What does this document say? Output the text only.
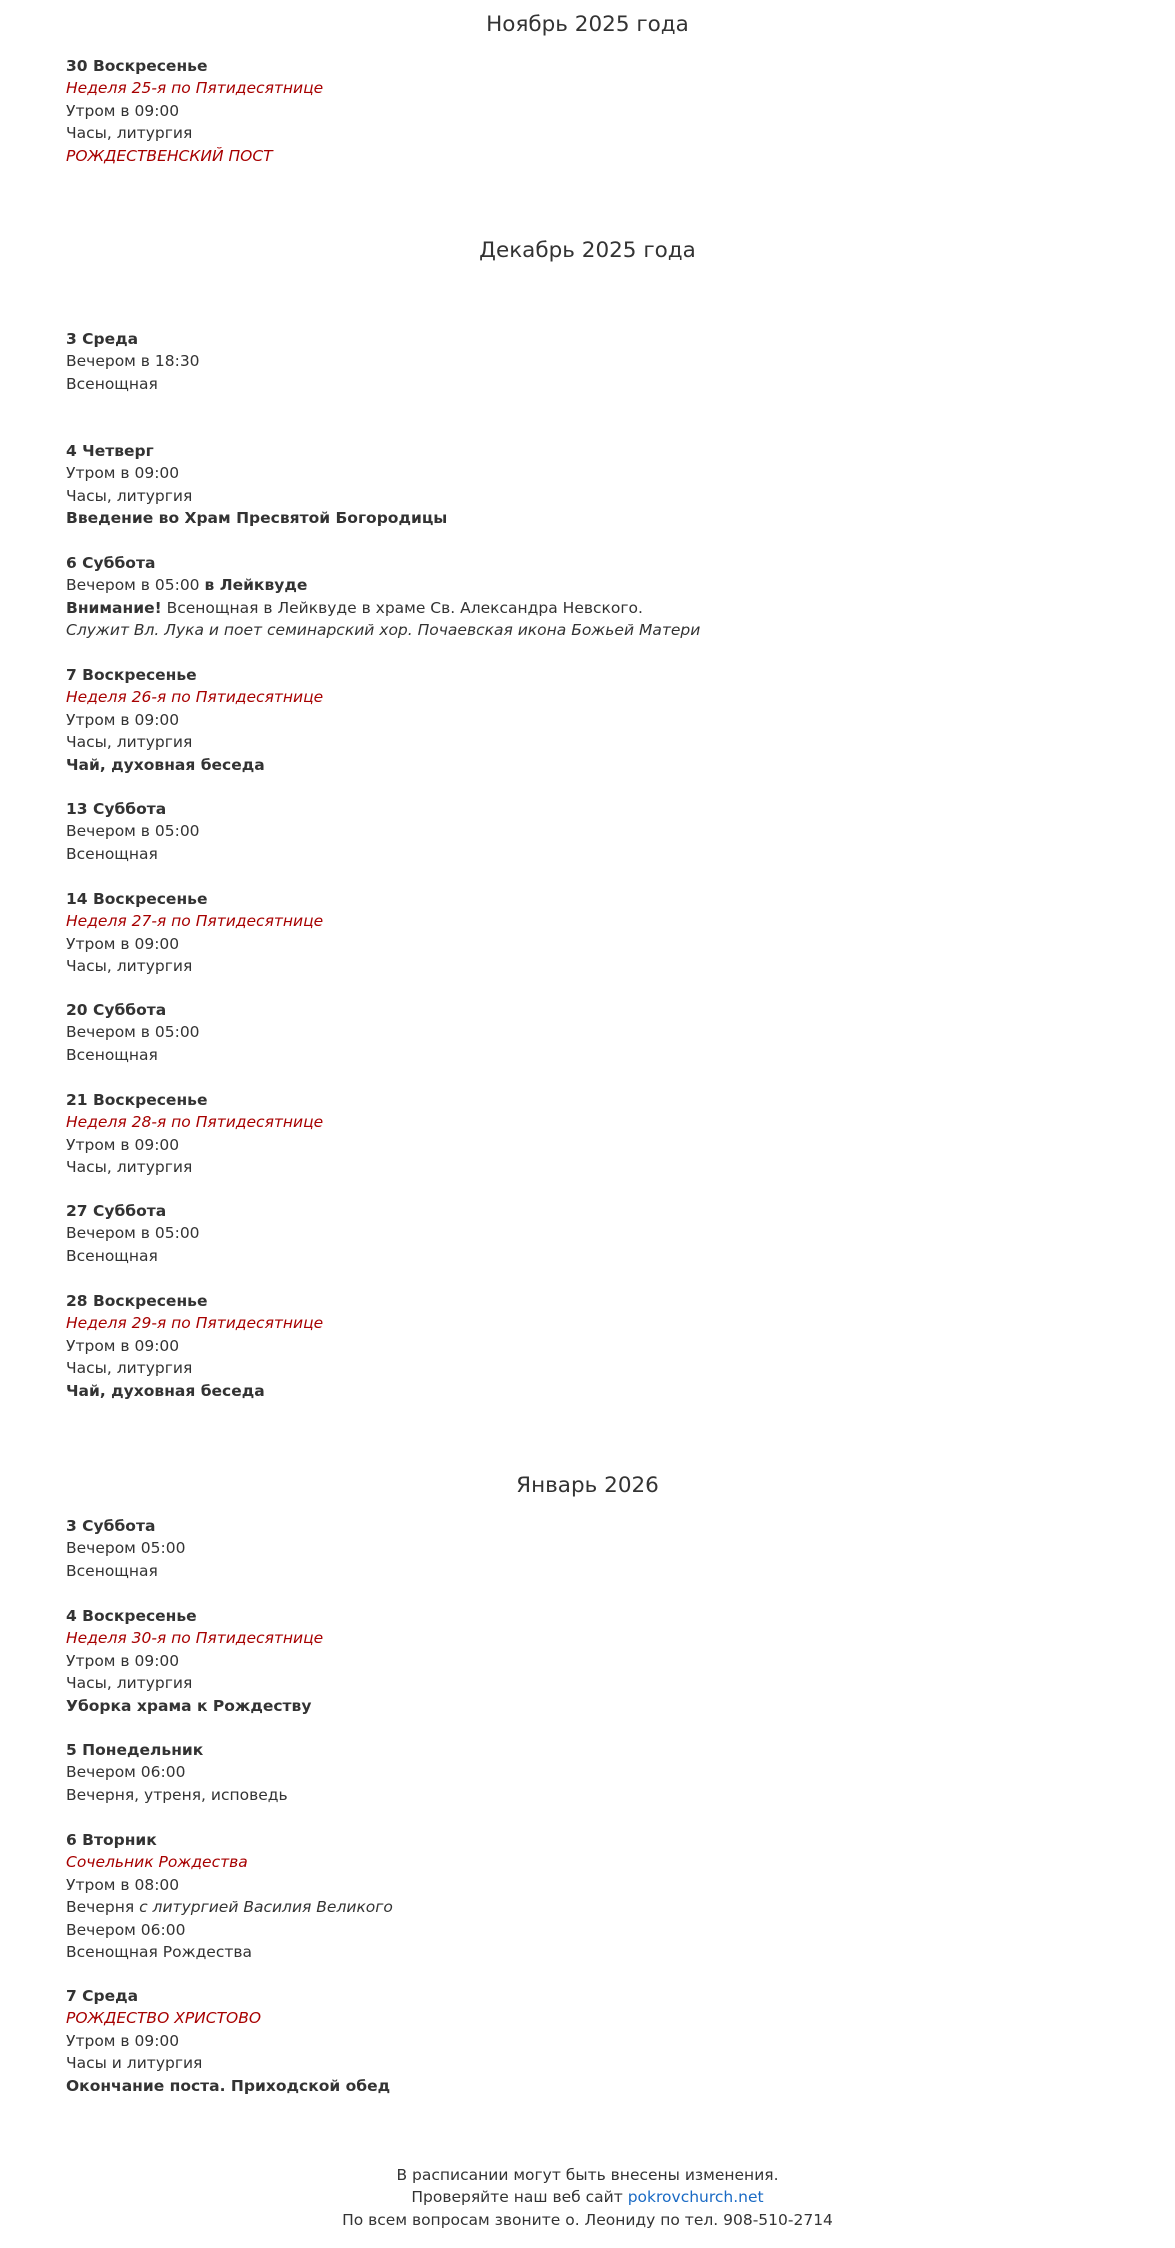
Ноябрь 2025 года
30 Воскресенье
Неделя 25-я по Пятидесятнице
Утром в 09:00
Часы, литургия
РОЖДЕСТВЕНСКИЙ ПОСТ
Декабрь 2025 года
3 Среда
Вечером в 18:30
Всенощная
4 Четверг
Утром в 09:00
Часы, литургия
Введение во Храм Пресвятой Богородицы
6 Суббота
Вечером в 05:00 в Лейквуде
Внимание! Всенощная в Лейквуде в храме Св. Александра Невского.
Служит Вл. Лука и поет семинарский хор. Почаевская икона Божьей Матери
7 Воскресенье
Неделя 26-я по Пятидесятнице
Утром в 09:00
Часы, литургия
Чай, духовная беседа
13 Суббота
Вечером в 05:00
Всенощная
14 Воскресенье
Неделя 27-я по Пятидесятнице
Утром в 09:00
Часы, литургия
20 Суббота
Вечером в 05:00
Всенощная
21 Воскресенье
Неделя 28-я по Пятидесятнице
Утром в 09:00
Часы, литургия
27 Суббота
Вечером в 05:00
Всенощная
28 Воскресенье
Неделя 29-я по Пятидесятнице
Утром в 09:00
Часы, литургия
Чай, духовная беседа
Январь 2026
3 Суббота
Вечером 05:00
Всенощная
4 Воскресенье
Неделя 30-я по Пятидесятнице
Утром в 09:00
Часы, литургия
Уборка храма к Рождеству
5 Понедельник
Вечером 06:00
Вечерня, утреня, исповедь
6 Вторник
Сочельник Рождества
Утром в 08:00
Вечерня с литургией Василия Великого
Вечером 06:00
Всенощная Рождества
7 Среда
РОЖДЕСТВО ХРИСТОВО
Утром в 09:00
Часы и литургия
Окончание поста. Приходской обед
В расписании могут быть внесены изменения.
Проверяйте наш веб сайт pokrovchurch.net
По всем вопросам звоните о. Леониду по тел. 908-510-2714
